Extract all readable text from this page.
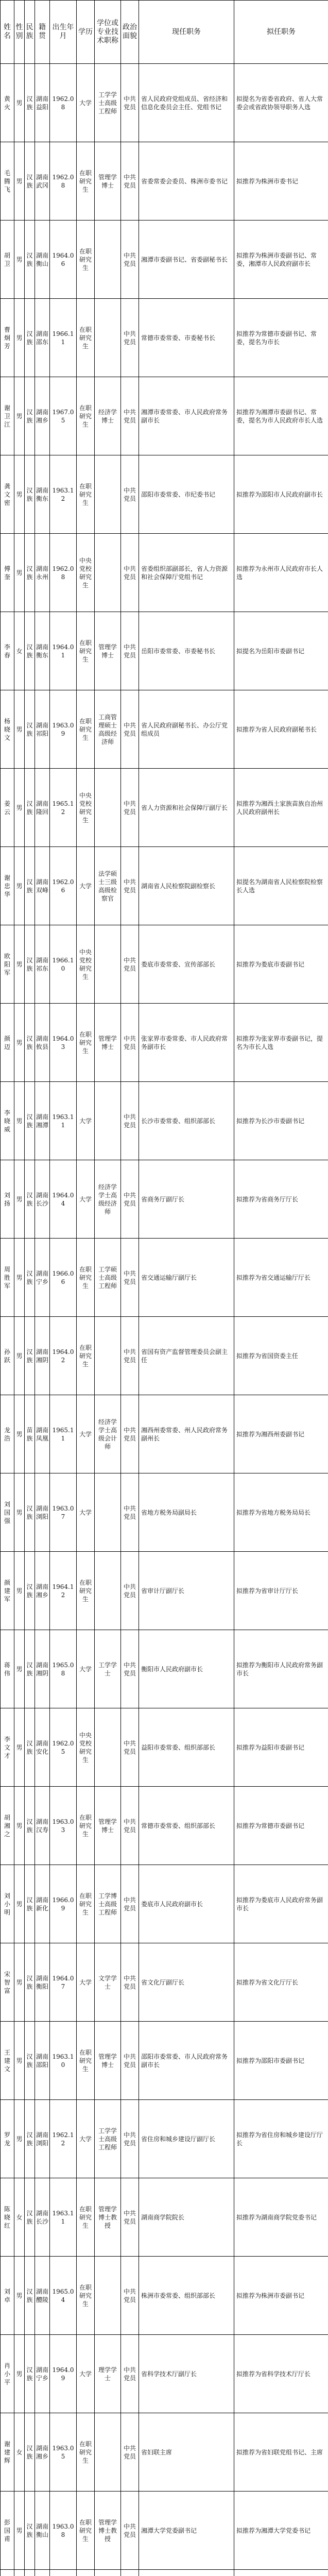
姓名	性别	民族	籍贯	出生年月	学历	学位或专业技术职称	政治面貌	现任职务	拟任职务
黄火	男	汉族	湖南益阳	1962.08	大学	工学学士高级工程师	中共党员	省人民政府党组成员、省经济和信息化委员会主任、党组书记	拟提名为省委省政府、省人大常委会或省政协领导职务人选
毛腾飞	男	汉族	湖南武冈	1962.08	在职研究生	管理学博士	中共党员	省委常委会委员、株洲市委书记	拟推荐为株洲市委书记
胡卫	男	汉族	湖南衡山	1964.06	在职研究生		中共党员	湘潭市委副书记、省委副秘书长	拟推荐为株洲市委副书记、常委，湘潭市人民政府副市长
曹炯芳	男	汉族	湖南邵东	1966.11	在职研究生		中共党员	常德市委常委、市委秘书长	拟推荐为常德市委副书记、常委，提名为市长
谢卫江	男	汉族	湖南湘乡	1967.05	在职研究生	经济学博士	中共党员	湘潭市委常委、市人民政府常务副市长	拟推荐为湘潭市委副书记、常委，提名为市人民政府市长人选
龚文密	男	汉族	湖南衡东	1963.12	在职研究生		中共党员	邵阳市委常委、市纪委书记	拟推荐为邵阳市人民政府副市长
傅奎	男	汉族	湖南永州	1962.08	中央党校研究生		中共党员	省委组织部副部长，省人力资源和社会保障厅党组书记	拟推荐为永州市人民政府市长人选
李春	女	汉族	湖南衡东	1964.01	在职研究生	管理学博士	中共党员	岳阳市委常委、市委秘书长	拟提名为岳阳市委副书记
杨晓文	男	汉族	湖南祁阳	1963.09	在职研究生	工商管理硕士高级经济师	中共党员	省人民政府副秘书长、办公厅党组成员	拟推荐为省人民政府副秘书长
姜云	男	汉族	湖南隆回	1965.12	中央党校研究生		中共党员	省人力资源和社会保障厅副厅长	拟推荐为湘西土家族苗族自治州人民政府副州长
谢忠华	男	汉族	湖南双峰	1962.06	大学	法学硕士三级高级检察官	中共党员	湖南省人民检察院副检察长	拟提名为湖南省人民检察院检察长人选
欧阳军	男	汉族	湖南祁东	1966.10	中央党校研究生		中共党员	娄底市委常委、宣传部部长	拟推荐为娄底市委副书记
颜迈	男	汉族	湖南攸县	1964.03	在职研究生	管理学博士	中共党员	张家界市委常委、市人民政府常务副市长	拟推荐为张家界市委副书记，提名为市长人选
李晓威	男	汉族	湖南湘潭	1963.11	大学		中共党员	长沙市委常委、组织部部长	拟推荐为长沙市委副书记
刘扬	男	汉族	湖南长沙	1964.04	大学	经济学学士高级经济师	中共党员	省商务厅副厅长	拟推荐为省商务厅厅长
周胜军	男	汉族	湖南宁乡	1966.06	在职研究生	工学硕士高级工程师	中共党员	省交通运输厅副厅长	拟推荐为省交通运输厅厅长
孙跃	男	汉族	湖南湘阴	1964.02	在职研究生		中共党员	省国有资产监督管理委员会副主任	拟推荐为省国资委主任
龙浩	男	苗族	湖南凤凰	1965.11	大学	经济学学士高级会计师	中共党员	湘西州委常委、州人民政府常务副州长	拟推荐为湘西州委副书记
刘国强	男	汉族	湖南浏阳	1963.07	大学		中共党员	省地方税务局副局长	拟推荐为省地方税务局局长
颜建军	男	汉族	湖南湘乡	1964.12	在职研究生		中共党员	省审计厅副厅长	拟推荐为省审计厅厅长
蒋伟	男	汉族	湖南湘阴	1965.08	大学	工学学士	中共党员	衡阳市人民政府副市长	拟推荐为衡阳市人民政府常务副市长
李文才	男	汉族	湖南安化	1962.05	中央党校研究生		中共党员	益阳市委常委、组织部部长	拟推荐为益阳市委副书记
胡湘之	男	汉族	湖南汉寿	1963.03	在职研究生	管理学博士	中共党员	常德市委常委、组织部部长	拟推荐为常德市委副书记
刘小明	男	汉族	湖南新化	1966.09	在职研究生	工学博士高级工程师	中共党员	娄底市人民政府副市长	拟推荐为娄底市人民政府常务副市长
宋智富	男	汉族	湖南衡阳	1964.07	大学	文学学士	中共党员	省文化厅副厅长	拟推荐为省文化厅厅长
王建文	男	汉族	湖南邵阳	1963.10	在职研究生	管理学博士	中共党员	邵阳市委常委、市人民政府常务副市长	拟推荐为邵阳市委副书记
罗龙	男	汉族	湖南浏阳	1962.12	大学	工学学士高级工程师	中共党员	省住房和城乡建设厅副厅长	拟推荐为省住房和城乡建设厅厅长
陈晓红	女	汉族	湖南长沙	1963.11	在职研究生	管理学博士教授	中共党员	湖南商学院院长	拟推荐为湖南商学院党委书记
刘卓	男	汉族	湖南醴陵	1965.04	在职研究生		中共党员	株洲市委常委、组织部部长	拟推荐为株洲市委副书记
肖小平	男	汉族	湖南宁乡	1964.09	大学	理学学士	中共党员	省科学技术厅副厅长	拟推荐为省科学技术厅厅长
谢建辉	女	汉族	湖南湘乡	1963.05	在职研究生		中共党员	省妇联主席	拟推荐为省妇联党组书记、主席
彭国甫	男	汉族	湖南衡山	1963.08	在职研究生	管理学博士教授	中共党员	湘潭大学党委副书记	拟推荐为湘潭大学党委书记
